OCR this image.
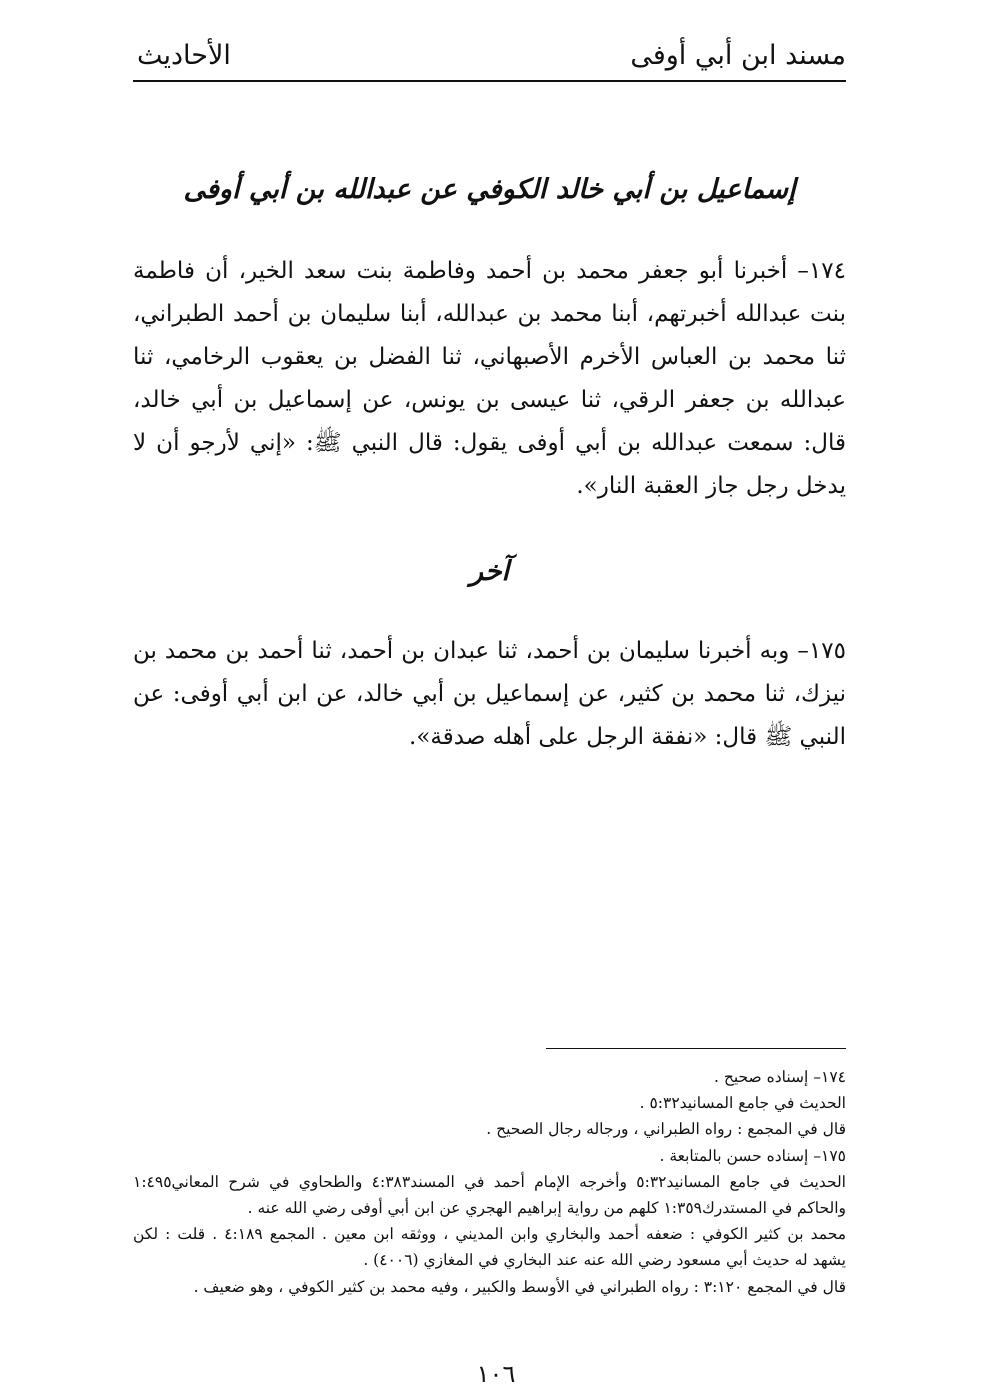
مسند ابن أبي أوفى
الأحاديث
إسماعيل بن أبي خالد الكوفي عن عبدالله بن أبي أوفى
١٧٤– أخبرنا أبو جعفر محمد بن أحمد وفاطمة بنت سعد الخير، أن فاطمة بنت عبدالله أخبرتهم، أبنا محمد بن عبدالله، أبنا سليمان بن أحمد الطبراني، ثنا محمد بن العباس الأخرم الأصبهاني، ثنا الفضل بن يعقوب الرخامي، ثنا عبدالله بن جعفر الرقي، ثنا عيسى بن يونس، عن إسماعيل بن أبي خالد، قال: سمعت عبدالله بن أبي أوفى يقول: قال النبي ﷺ: «إني لأرجو أن لا يدخل رجل جاز العقبة النار».
آخر
١٧٥– وبه أخبرنا سليمان بن أحمد، ثنا عبدان بن أحمد، ثنا أحمد بن محمد بن نيزك، ثنا محمد بن كثير، عن إسماعيل بن أبي خالد، عن ابن أبي أوفى: عن النبي ﷺ قال: «نفقة الرجل على أهله صدقة».
١٧٤– إسناده صحيح .
الحديث في جامع المسانيد٥:٣٢ .
قال في المجمع : رواه الطبراني ، ورجاله رجال الصحيح .
١٧٥– إسناده حسن بالمتابعة .
الحديث في جامع المسانيد٥:٣٢ وأخرجه الإمام أحمد في المسند٤:٣٨٣ والطحاوي في شرح المعاني١:٤٩٥
والحاكم في المستدرك١:٣٥٩ كلهم من رواية إبراهيم الهجري عن ابن أبي أوفى رضي الله عنه .
محمد بن كثير الكوفي : ضعفه أحمد والبخاري وابن المديني ، ووثقه ابن معين . المجمع ٤:١٨٩ . قلت : لكن
يشهد له حديث أبي مسعود رضي الله عنه عند البخاري في المغازي (٤٠٠٦) .
قال في المجمع ٣:١٢٠ : رواه الطبراني في الأوسط والكبير ، وفيه محمد بن كثير الكوفي ، وهو ضعيف .
١٠٦
